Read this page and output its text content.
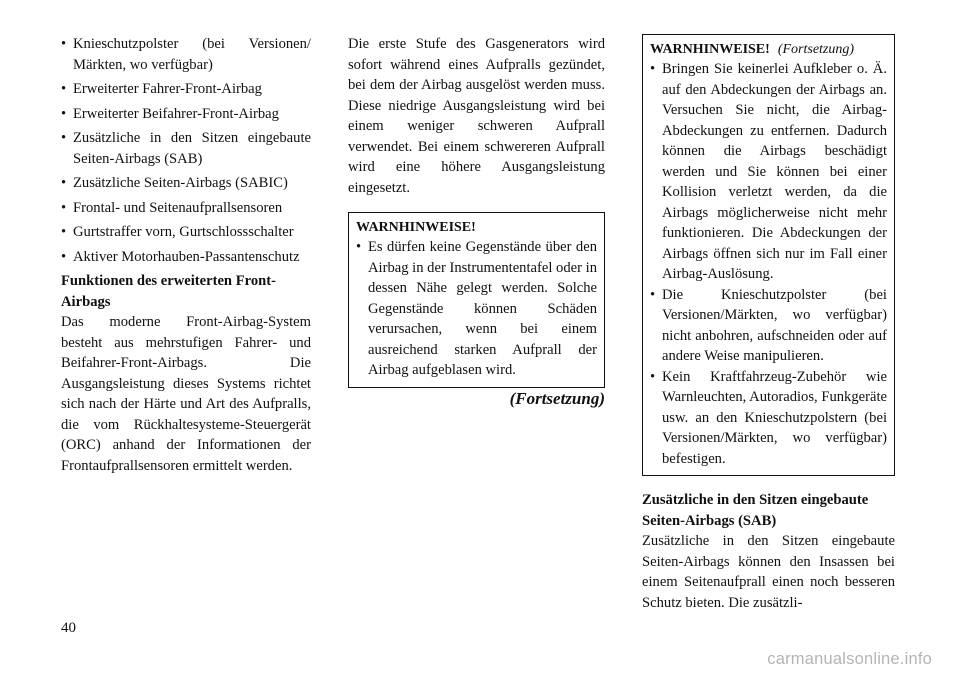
• Knieschutzpolster (bei Versionen/ Märkten, wo verfügbar)
• Erweiterter Fahrer-Front-Airbag
• Erweiterter Beifahrer-Front-Airbag
• Zusätzliche in den Sitzen eingebaute Seiten-Airbags (SAB)
• Zusätzliche Seiten-Airbags (SABIC)
• Frontal- und Seitenaufprallsensoren
• Gurtstraffer vorn, Gurtschlossschalter
• Aktiver Motorhauben-Passantenschutz

Funktionen des erweiterten Front-Airbags

Das moderne Front-Airbag-System besteht aus mehrstufigen Fahrer- und Beifahrer-Front-Airbags. Die Ausgangsleistung dieses Systems richtet sich nach der Härte und Art des Aufpralls, die vom Rückhaltesysteme-Steuergerät (ORC) anhand der Informationen der Frontaufprallsensoren ermittelt werden.

Die erste Stufe des Gasgenerators wird sofort während eines Aufpralls gezündet, bei dem der Airbag ausgelöst werden muss. Diese niedrige Ausgangsleistung wird bei einem weniger schweren Aufprall verwendet. Bei einem schwereren Aufprall wird eine höhere Ausgangsleistung eingesetzt.

WARNHINWEISE!
• Es dürfen keine Gegenstände über den Airbag in der Instrumententafel oder in dessen Nähe gelegt werden. Solche Gegenstände können Schäden verursachen, wenn bei einem ausreichend starken Aufprall der Airbag aufgeblasen wird.
(Fortsetzung)
WARNHINWEISE! (Fortsetzung)
• Bringen Sie keinerlei Aufkleber o. Ä. auf den Abdeckungen der Airbags an. Versuchen Sie nicht, die Airbag-Abdeckungen zu entfernen. Dadurch können die Airbags beschädigt werden und Sie können bei einer Kollision verletzt werden, da die Airbags möglicherweise nicht mehr funktionieren. Die Abdeckungen der Airbags öffnen sich nur im Fall einer Airbag-Auslösung.
• Die Knieschutzpolster (bei Versionen/Märkten, wo verfügbar) nicht anbohren, aufschneiden oder auf andere Weise manipulieren.
• Kein Kraftfahrzeug-Zubehör wie Warnleuchten, Autoradios, Funkgeräte usw. an den Knieschutzpolstern (bei Versionen/Märkten, wo verfügbar) befestigen.

Zusätzliche in den Sitzen eingebaute Seiten-Airbags (SAB)

Zusätzliche in den Sitzen eingebaute Seiten-Airbags können den Insassen bei einem Seitenaufprall einen noch besseren Schutz bieten. Die zusätzli-

40
carmanualsonline.info
